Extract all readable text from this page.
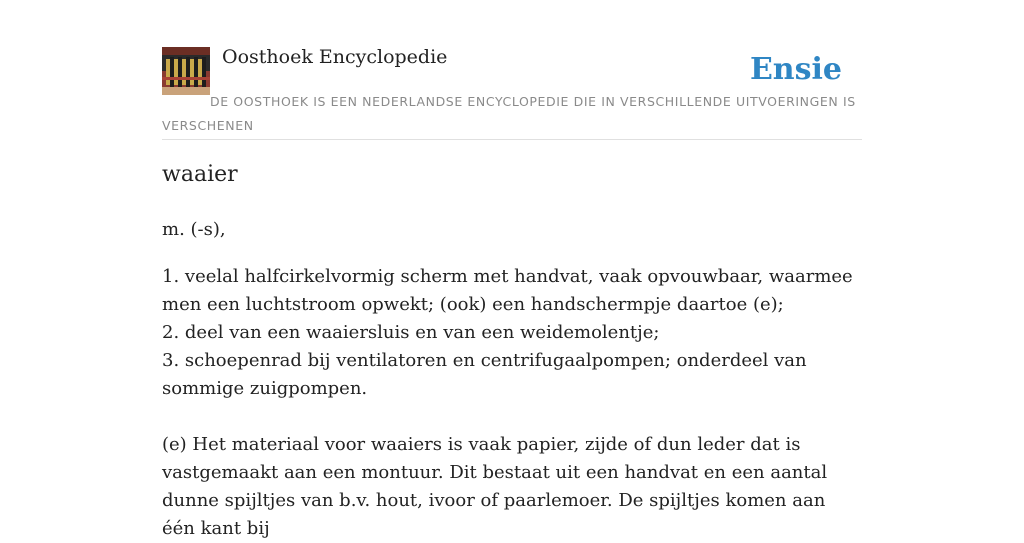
Oosthoek Encyclopedie	Ensie
DE OOSTHOEK IS EEN NEDERLANDSE ENCYCLOPEDIE DIE IN VERSCHILLENDE UITVOERINGEN IS VERSCHENEN
waaier

m. (-s),

1. veelal halfcirkelvormig scherm met handvat, vaak opvouwbaar, waarmee men een luchtstroom opwekt; (ook) een handschermpje daartoe (e);
2. deel van een waaiersluis en van een weidemolentje;
3. schoepenrad bij ventilatoren en centrifugaalpompen; onderdeel van sommige zuigpompen.

(e) Het materiaal voor waaiers is vaak papier, zijde of dun leder dat is vastgemaakt aan een montuur. Dit bestaat uit een handvat en een aantal dunne spijltjes van b.v. hout, ivoor of paarlemoer. De spijltjes komen aan één kant bij
